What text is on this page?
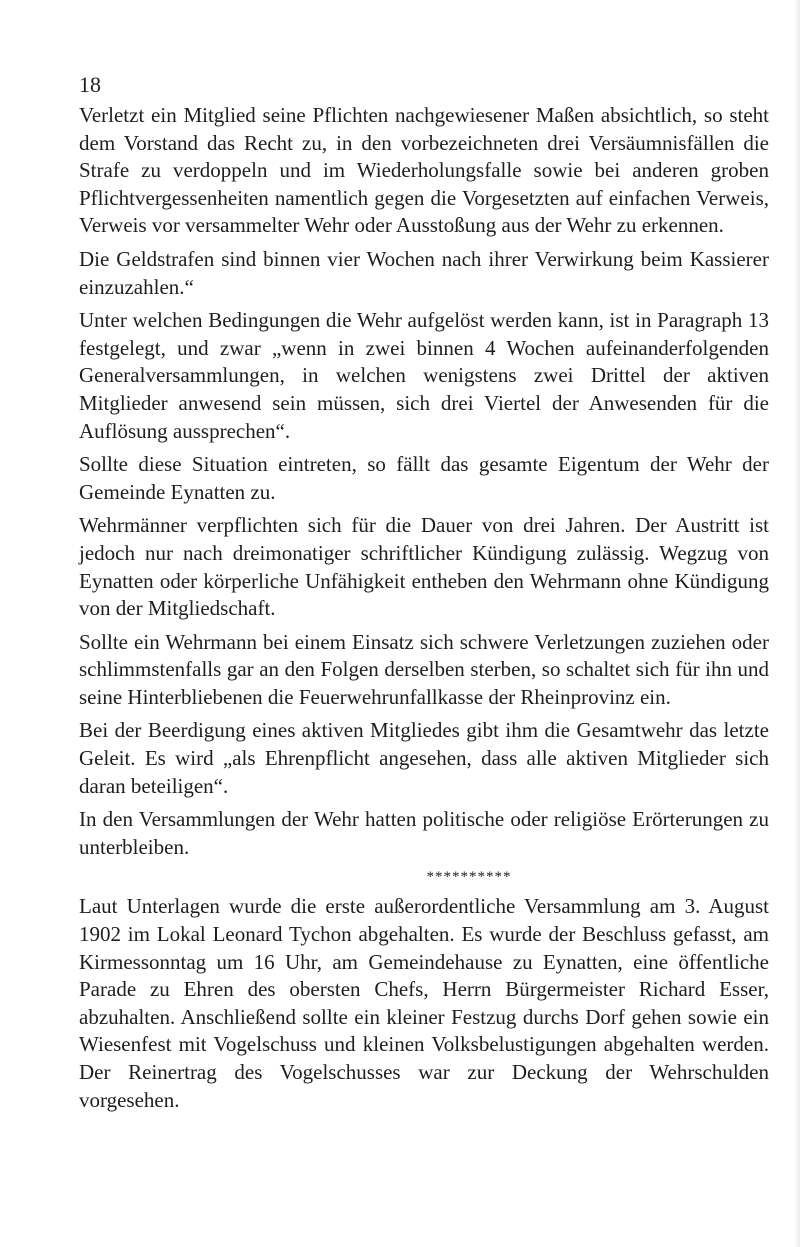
18

Verletzt ein Mitglied seine Pflichten nachgewiesener Maßen absichtlich, so steht dem Vorstand das Recht zu, in den vorbezeichneten drei Versäumnisfällen die Strafe zu verdoppeln und im Wiederholungsfalle sowie bei anderen groben Pflichtvergessenheiten namentlich gegen die Vorgesetzten auf einfachen Verweis, Verweis vor versammelter Wehr oder Ausstoßung aus der Wehr zu erkennen.

Die Geldstrafen sind binnen vier Wochen nach ihrer Verwirkung beim Kassierer einzuzahlen.“

Unter welchen Bedingungen die Wehr aufgelöst werden kann, ist in Paragraph 13 festgelegt, und zwar „wenn in zwei binnen 4 Wochen aufeinanderfolgenden Generalversammlungen, in welchen wenigstens zwei Drittel der aktiven Mitglieder anwesend sein müssen, sich drei Viertel der Anwesenden für die Auflösung aussprechen“.

Sollte diese Situation eintreten, so fällt das gesamte Eigentum der Wehr der Gemeinde Eynatten zu.

Wehrmänner verpflichten sich für die Dauer von drei Jahren. Der Austritt ist jedoch nur nach dreimonatiger schriftlicher Kündigung zulässig. Wegzug von Eynatten oder körperliche Unfähigkeit entheben den Wehrmann ohne Kündigung von der Mitgliedschaft.

Sollte ein Wehrmann bei einem Einsatz sich schwere Verletzungen zuziehen oder schlimmstenfalls gar an den Folgen derselben sterben, so schaltet sich für ihn und seine Hinterbliebenen die Feuerwehrunfallkasse der Rheinprovinz ein.

Bei der Beerdigung eines aktiven Mitgliedes gibt ihm die Gesamtwehr das letzte Geleit. Es wird „als Ehrenpflicht angesehen, dass alle aktiven Mitglieder sich daran beteiligen“.

In den Versammlungen der Wehr hatten politische oder religiöse Erörterungen zu unterbleiben.

**********

Laut Unterlagen wurde die erste außerordentliche Versammlung am 3. August 1902 im Lokal Leonard Tychon abgehalten. Es wurde der Beschluss gefasst, am Kirmessonntag um 16 Uhr, am Gemeindehause zu Eynatten, eine öffentliche Parade zu Ehren des obersten Chefs, Herrn Bürgermeister Richard Esser, abzuhalten. Anschließend sollte ein kleiner Festzug durchs Dorf gehen sowie ein Wiesenfest mit Vogelschuss und kleinen Volksbelustigungen abgehalten werden. Der Reinertrag des Vogelschusses war zur Deckung der Wehrschulden vorgesehen.
